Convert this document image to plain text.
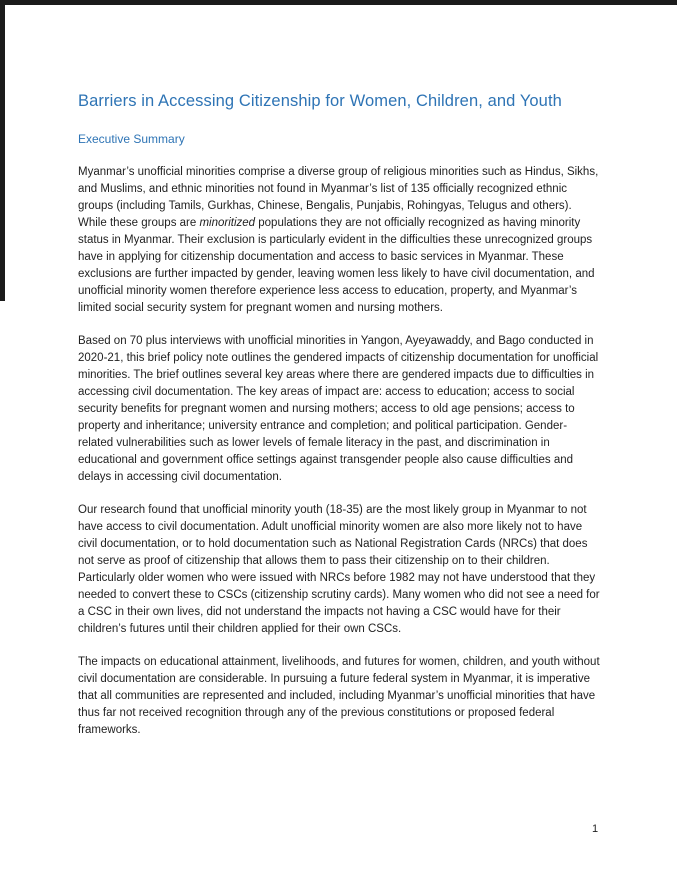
Barriers in Accessing Citizenship for Women, Children, and Youth
Executive Summary

Myanmar’s unofficial minorities comprise a diverse group of religious minorities such as Hindus, Sikhs, and Muslims, and ethnic minorities not found in Myanmar’s list of 135 officially recognized ethnic groups (including Tamils, Gurkhas, Chinese, Bengalis, Punjabis, Rohingyas, Telugus and others). While these groups are minoritized populations they are not officially recognized as having minority status in Myanmar. Their exclusion is particularly evident in the difficulties these unrecognized groups have in applying for citizenship documentation and access to basic services in Myanmar. These exclusions are further impacted by gender, leaving women less likely to have civil documentation, and unofficial minority women therefore experience less access to education, property, and Myanmar’s limited social security system for pregnant women and nursing mothers.

Based on 70 plus interviews with unofficial minorities in Yangon, Ayeyawaddy, and Bago conducted in 2020-21, this brief policy note outlines the gendered impacts of citizenship documentation for unofficial minorities. The brief outlines several key areas where there are gendered impacts due to difficulties in accessing civil documentation. The key areas of impact are: access to education; access to social security benefits for pregnant women and nursing mothers; access to old age pensions; access to property and inheritance; university entrance and completion; and political participation. Gender-related vulnerabilities such as lower levels of female literacy in the past, and discrimination in educational and government office settings against transgender people also cause difficulties and delays in accessing civil documentation.

Our research found that unofficial minority youth (18-35) are the most likely group in Myanmar to not have access to civil documentation. Adult unofficial minority women are also more likely not to have civil documentation, or to hold documentation such as National Registration Cards (NRCs) that does not serve as proof of citizenship that allows them to pass their citizenship on to their children. Particularly older women who were issued with NRCs before 1982 may not have understood that they needed to convert these to CSCs (citizenship scrutiny cards). Many women who did not see a need for a CSC in their own lives, did not understand the impacts not having a CSC would have for their children’s futures until their children applied for their own CSCs.

The impacts on educational attainment, livelihoods, and futures for women, children, and youth without civil documentation are considerable. In pursuing a future federal system in Myanmar, it is imperative that all communities are represented and included, including Myanmar’s unofficial minorities that have thus far not received recognition through any of the previous constitutions or proposed federal frameworks.

1
